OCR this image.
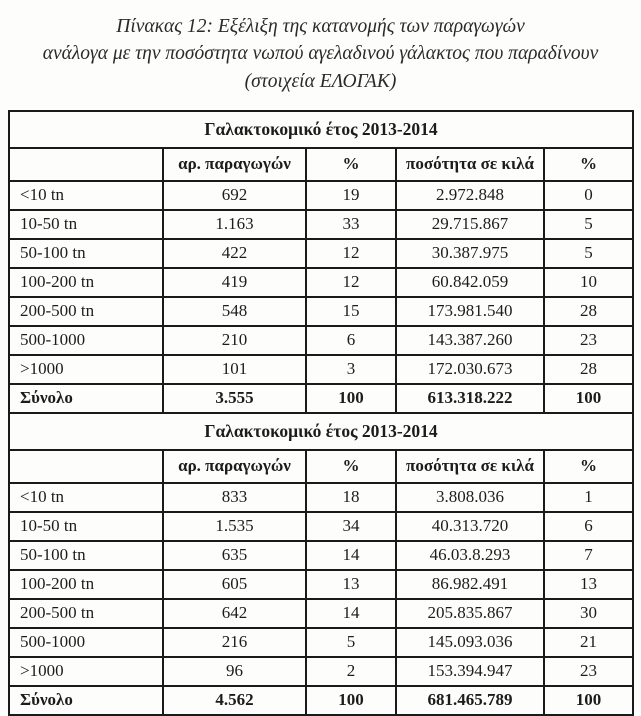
Πίνακας 12: Εξέλιξη της κατανομής των παραγωγών
ανάλογα με την ποσόστητα νωπού αγελαδινού γάλακτος που παραδίνουν
(στοιχεία ΕΛΟΓΑΚ)
Γαλακτοκομικό έτος 2013-2014				
	αρ. παραγωγών	%	ποσότητα σε κιλά	%
<10 tn	692	19	2.972.848	0
10-50 tn	1.163	33	29.715.867	5
50-100 tn	422	12	30.387.975	5
100-200 tn	419	12	60.842.059	10
200-500 tn	548	15	173.981.540	28
500-1000	210	6	143.387.260	23
>1000	101	3	172.030.673	28
Σύνολο	3.555	100	613.318.222	100
Γαλακτοκομικό έτος 2013-2014				
	αρ. παραγωγών	%	ποσότητα σε κιλά	%
<10 tn	833	18	3.808.036	1
10-50 tn	1.535	34	40.313.720	6
50-100 tn	635	14	46.03.8.293	7
100-200 tn	605	13	86.982.491	13
200-500 tn	642	14	205.835.867	30
500-1000	216	5	145.093.036	21
>1000	96	2	153.394.947	23
Σύνολο	4.562	100	681.465.789	100
